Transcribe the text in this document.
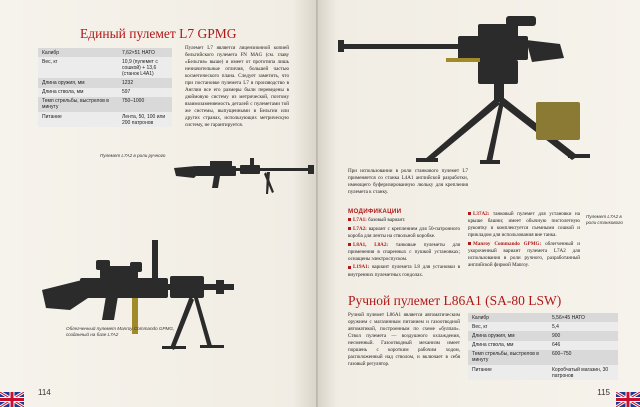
Единый пулемет L7 GPMG
Калибр	7,62×51 НАТО
Вес, кг	10,9 (пулемет с сошкой) + 13,6 (станок L4A1)
Длина оружия, мм	1232
Длина ствола, мм	597
Темп стрельбы, выстрелов в минуту	750–1000
Питание	Лента, 50, 100 или 200 патронов
Пулемет L7 является лицензионной копией бельгийского пулемета FN MAG (см. главу «Бельгия» выше) и имеет от прототипа лишь незначительные отличия, большей частью косметического плана. Следует заметить, что при постановке пулемета L7 в производство в Англии все его размеры были переведены в дюймовую систему из метрической, поэтому взаимозаменяемость деталей с пулеметами той же системы, выпущенными в Бельгии или других странах, использующих метрическую систему, не гарантируется.
Пулемет L7A2 в роли ручного
Облегченный пулемет Manroy Commando GPMG, созданный на базе L7A2
114
При использовании в роли станкового пулемет L7 применяется со станка L4A1 английской разработки, имеющего буферизированную люльку для крепления пулемета к станку.
Пулемет L7A2 в роли станкового
МОДИФИКАЦИИ
L7A1: базовый вариант.
L7A2: вариант с креплением для 50-патронного короба для ленты на ствольной коробке.
L8A1, L8A2: танковые пулеметы для применения в спаренных с пушкой установках; оснащены электроспуском.
L19A1: вариант пулемета L8 для установки в внутренних пулеметных гондолах.
L37A2: танковый пулемет для установки на крыше башни; имеет обычную пистолетную рукоятку и комплектуется съемными сошкой и прикладом для использования вне танка.
Manroy Commando GPMG: облегченный и укороченный вариант пулемета L7A2 для использования в роли ручного, разработанный английской фирмой Manroy.
Ручной пулемет L86A1 (SA-80 LSW)
Ручной пулемет L86A1 является автоматическим оружием с магазинным питанием и газоотводной автоматикой, построенным по схеме «булпап». Ствол пулемета — воздушного охлаждения, несменный. Газоотводный механизм имеет поршень с коротким рабочим ходом, расположенный над стволом, и включает в себя газовый регулятор.
Калибр	5,56×45 НАТО
Вес, кг	5,4
Длина оружия, мм	900
Длина ствола, мм	646
Темп стрельбы, выстрелов в минуту	600–750
Питание	Коробчатый магазин, 30 патронов
115
